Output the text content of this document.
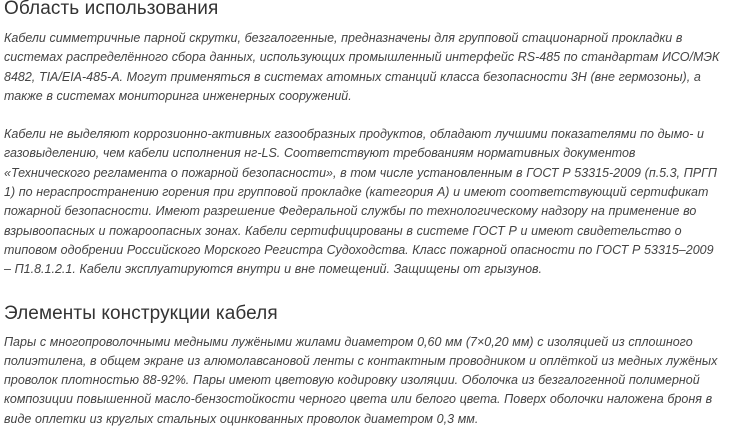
Область использования

Кабели симметричные парной скрутки, безгалогенные, предназначены для групповой стационарной прокладки в системах распределённого сбора данных, использующих промышленный интерфейс RS-485 по стандартам ИСО/МЭК 8482, TIA/EIA-485-A. Могут применяться в системах атомных станций класса безопасности 3Н (вне гермозоны), а также в системах мониторинга инженерных сооружений.

Кабели не выделяют коррозионно-активных газообразных продуктов, обладают лучшими показателями по дымо- и газовыделению, чем кабели исполнения нг-LS. Соответствуют требованиям нормативных документов «Технического регламента о пожарной безопасности», в том числе установленным в ГОСТ Р 53315-2009 (п.5.3, ПРГП 1) по нераспространению горения при групповой прокладке (категория А) и имеют соответствующий сертификат пожарной безопасности. Имеют разрешение Федеральной службы по технологическому надзору на применение во взрывоопасных и пожароопасных зонах. Кабели сертифицированы в системе ГОСТ Р и имеют свидетельство о типовом одобрении Российского Морского Регистра Судоходства. Класс пожарной опасности по ГОСТ Р 53315–2009 – П1.8.1.2.1. Кабели эксплуатируются внутри и вне помещений. Защищены от грызунов.

Элементы конструкции кабеля

Пары с многопроволочными медными лужёными жилами диаметром 0,60 мм (7×0,20 мм) с изоляцией из сплошного полиэтилена, в общем экране из алюмолавсановой ленты с контактным проводником и оплёткой из медных лужёных проволок плотностью 88-92%. Пары имеют цветовую кодировку изоляции. Оболочка из безгалогенной полимерной композиции повышенной масло-бензостойкости черного цвета или белого цвета. Поверх оболочки наложена броня в виде оплетки из круглых стальных оцинкованных проволок диаметром 0,3 мм.
